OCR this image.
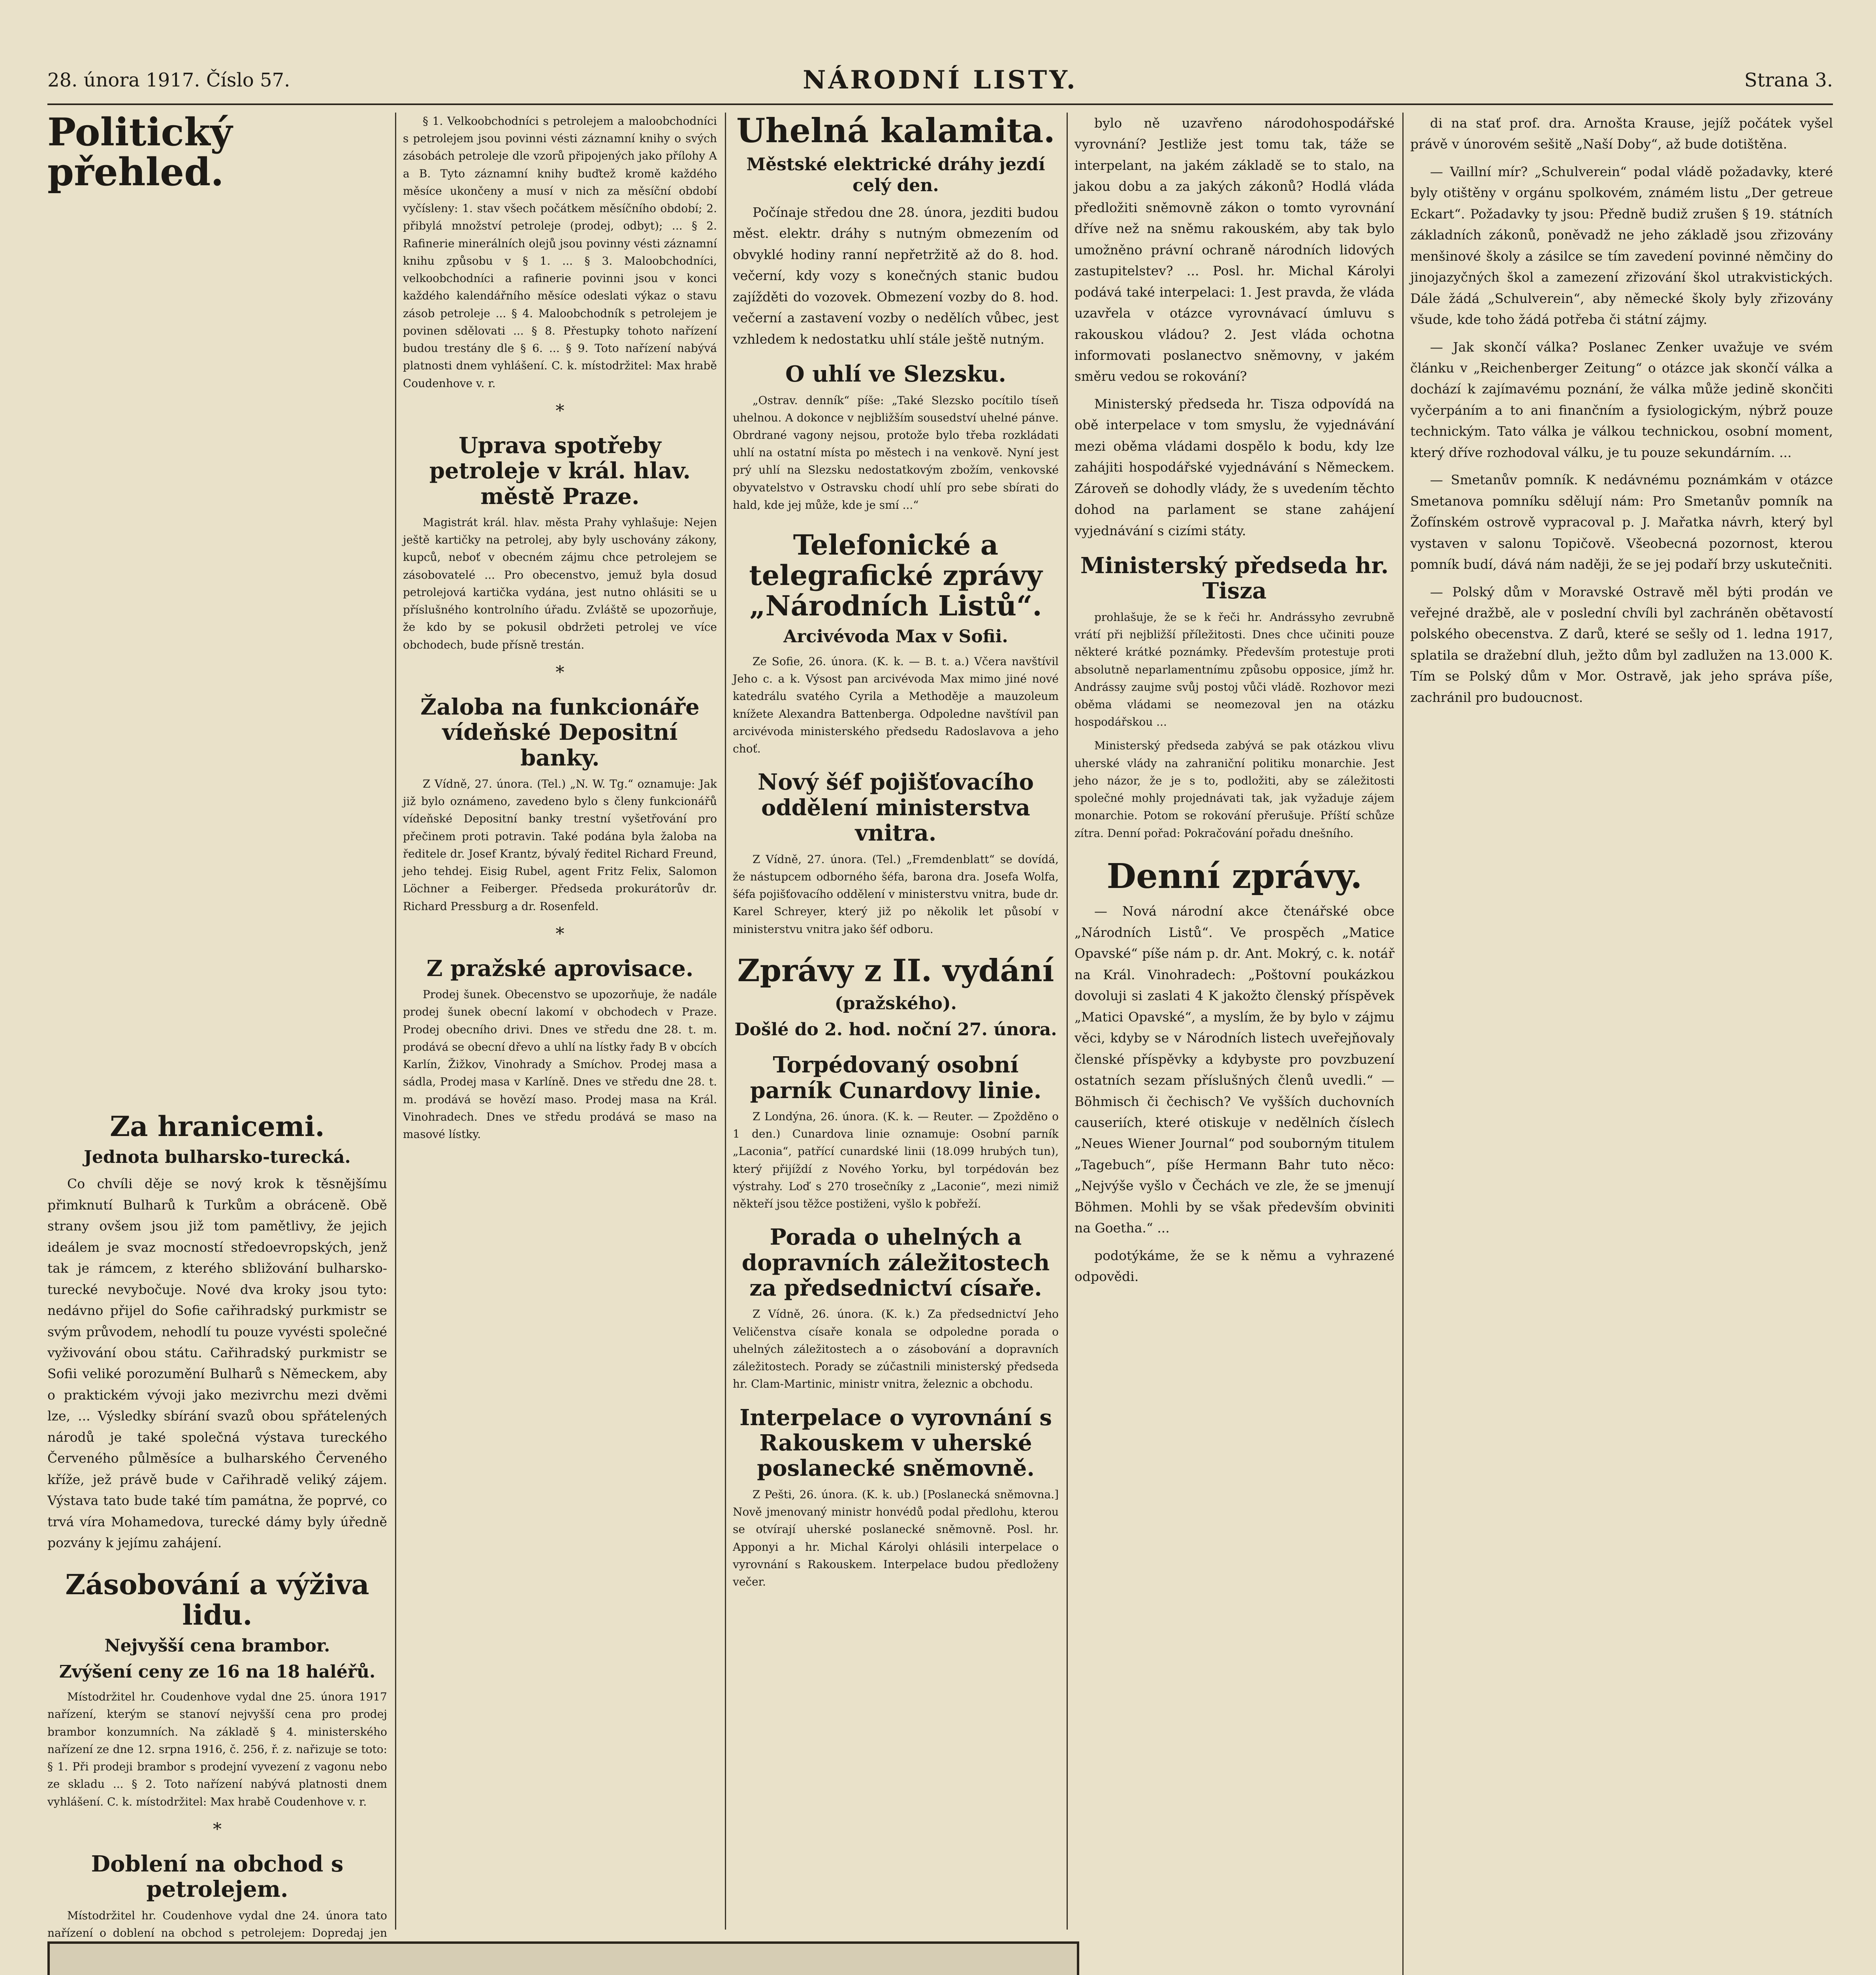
28. února 1917. Číslo 57.	NÁRODNÍ LISTY.	Strana 3.
Politický přehled.
Za hranicemi.
Jednota bulharsko-turecká.

Co chvíli děje se nový krok k těsnějšímu přimknutí Bulharů k Turkům a obráceně. Obě strany ovšem jsou již tom pamětlivy, že jejich ideálem je svaz mocností středoevropských, jenž tak je rámcem, z kterého sbližování bulharsko-turecké nevybočuje. Nové dva kroky jsou tyto: nedávno přijel do Sofie cařihradský purkmistr se svým průvodem, nehodlí tu pouze vyvésti společné vyživování obou státu. Cařihradský purkmistr se Sofii veliké porozumění Bulharů s Německem, aby o praktickém vývoji jako mezivrchu mezi dvěmi lze, ... Výsledky sbírání svazů obou spřátelených národů je také společná výstava tureckého Červeného půlměsíce a bulharského Červeného kříže, jež právě bude v Cařihradě veliký zájem. Výstava tato bude také tím památna, že poprvé, co trvá víra Mohamedova, turecké dámy byly úředně pozvány k jejímu zahájení.

Zásobování a výživa lidu.
Nejvyšší cena brambor.
Zvýšení ceny ze 16 na 18 haléřů.

Místodržitel hr. Coudenhove vydal dne 25. února 1917 nařízení, kterým se stanoví nejvyšší cena pro prodej brambor konzumních. Na základě § 4. ministerského nařízení ze dne 12. srpna 1916, č. 256, ř. z. nařizuje se toto: § 1. Při prodeji brambor s prodejní vyvezení z vagonu nebo ze skladu ... § 2. Toto nařízení nabývá platnosti dnem vyhlášení. C. k. místodržitel: Max hrabě Coudenhove v. r.

*
Doblení na obchod s petrolejem.

Místodržitel hr. Coudenhove vydal dne 24. února tato nařízení o doblení na obchod s petrolejem: Dopredaj jen

§ 1. Velkoobchodníci s petrolejem a maloobchodníci s petrolejem jsou povinni vésti záznamní knihy o svých zásobách petroleje dle vzorů připojených jako přílohy A a B. Tyto záznamní knihy buďtež kromě každého měsíce ukončeny a musí v nich za měsíční období vyčísleny: 1. stav všech počátkem měsíčního období; 2. přibylá množství petroleje (prodej, odbyt); ... § 2. Rafinerie minerálních olejů jsou povinny vésti záznamní knihu způsobu v § 1. ... § 3. Maloobchodníci, velkoobchodníci a rafinerie povinni jsou v konci každého kalendářního měsíce odeslati výkaz o stavu zásob petroleje ... § 4. Maloobchodník s petrolejem je povinen sdělovati ... § 8. Přestupky tohoto nařízení budou trestány dle § 6. ... § 9. Toto nařízení nabývá platnosti dnem vyhlášení. C. k. místodržitel: Max hrabě Coudenhove v. r.

*
Uprava spotřeby petroleje v král. hlav. městě Praze.

Magistrát král. hlav. města Prahy vyhlašuje: Nejen ještě kartičky na petrolej, aby byly uschovány zákony, kupců, neboť v obecném zájmu chce petrolejem se zásobovatelé ... Pro obecenstvo, jemuž byla dosud petrolejová kartička vydána, jest nutno ohlásiti se u příslušného kontrolního úřadu. Zvláště se upozorňuje, že kdo by se pokusil obdržeti petrolej ve více obchodech, bude přísně trestán.

*
Žaloba na funkcionáře vídeňské Depositní banky.

Z Vídně, 27. února. (Tel.) „N. W. Tg.“ oznamuje: Jak již bylo oznámeno, zavedeno bylo s členy funkcionářů vídeňské Depositní banky trestní vyšetřování pro přečinem proti potravin. Také podána byla žaloba na ředitele dr. Josef Krantz, bývalý ředitel Richard Freund, jeho tehdej. Eisig Rubel, agent Fritz Felix, Salomon Löchner a Feiberger. Předseda prokurátorův dr. Richard Pressburg a dr. Rosenfeld.

*
Z pražské aprovisace.

Prodej šunek. Obecenstvo se upozorňuje, že nadále prodej šunek obecní lakomí v obchodech v Praze. Prodej obecního drivi. Dnes ve středu dne 28. t. m. prodává se obecní dřevo a uhlí na lístky řady B v obcích Karlín, Žižkov, Vinohrady a Smíchov. Prodej masa a sádla, Prodej masa v Karlíně. Dnes ve středu dne 28. t. m. prodává se hovězí maso. Prodej masa na Král. Vinohradech. Dnes ve středu prodává se maso na masové lístky.

Uhelná kalamita.
Městské elektrické dráhy jezdí celý den.

Počínaje středou dne 28. února, jezditi budou měst. elektr. dráhy s nutným obmezením od obvyklé hodiny ranní nepřetržitě až do 8. hod. večerní, kdy vozy s konečných stanic budou zajížděti do vozovek. Obmezení vozby do 8. hod. večerní a zastavení vozby o nedělích vůbec, jest vzhledem k nedostatku uhlí stále ještě nutným.

O uhlí ve Slezsku.

„Ostrav. denník“ píše: „Také Slezsko pocítilo tíseň uhelnou. A dokonce v nejbližším sousedství uhelné pánve. Obrdrané vagony nejsou, protože bylo třeba rozkládati uhlí na ostatní místa po městech i na venkově. Nyní jest prý uhlí na Slezsku nedostatkovým zbožím, venkovské obyvatelstvo v Ostravsku chodí uhlí pro sebe sbírati do hald, kde jej může, kde je smí ...“

Telefonické a telegrafické zprávy „Národních Listů“.
Arcivévoda Max v Sofii.

Ze Sofie, 26. února. (K. k. — B. t. a.) Včera navštívil Jeho c. a k. Výsost pan arcivévoda Max mimo jiné nové katedrálu svatého Cyrila a Methoděje a mauzoleum knížete Alexandra Battenberga. Odpoledne navštívil pan arcivévoda ministerského předsedu Radoslavova a jeho choť.

Nový šéf pojišťovacího oddělení ministerstva vnitra.

Z Vídně, 27. února. (Tel.) „Fremdenblatt“ se dovídá, že nástupcem odborného šéfa, barona dra. Josefa Wolfa, šéfa pojišťovacího oddělení v ministerstvu vnitra, bude dr. Karel Schreyer, který již po několik let působí v ministerstvu vnitra jako šéf odboru.

Zprávy z II. vydání
(pražského).
Došlé do 2. hod. noční 27. února.
Torpédovaný osobní parník Cunardovy linie.

Z Londýna, 26. února. (K. k. — Reuter. — Zpožděno o 1 den.) Cunardova linie oznamuje: Osobní parník „Laconia“, patřící cunardské linii (18.099 hrubých tun), který přijíždí z Nového Yorku, byl torpédován bez výstrahy. Loď s 270 trosečníky z „Laconie“, mezi nimiž někteří jsou těžce postiženi, vyšlo k pobřeží.

Porada o uhelných a dopravních záležitostech za předsednictví císaře.

Z Vídně, 26. února. (K. k.) Za předsednictví Jeho Veličenstva císaře konala se odpoledne porada o uhelných záležitostech a o zásobování a dopravních záležitostech. Porady se zúčastnili ministerský předseda hr. Clam-Martinic, ministr vnitra, železnic a obchodu.

Interpelace o vyrovnání s Rakouskem v uherské poslanecké sněmovně.

Z Pešti, 26. února. (K. k. ub.) [Poslanecká sněmovna.] Nově jmenovaný ministr honvédů podal předlohu, kterou se otvírají uherské poslanecké sněmovně. Posl. hr. Apponyi a hr. Michal Károlyi ohlásili interpelace o vyrovnání s Rakouskem. Interpelace budou předloženy večer.

bylo ně uzavřeno národohospodářské vyrovnání? Jestliže jest tomu tak, táže se interpelant, na jakém základě se to stalo, na jakou dobu a za jakých zákonů? Hodlá vláda předložiti sněmovně zákon o tomto vyrovnání dříve než na sněmu rakouském, aby tak bylo umožněno právní ochraně národních lidových zastupitelstev? ... Posl. hr. Michal Károlyi podává také interpelaci: 1. Jest pravda, že vláda uzavřela v otázce vyrovnávací úmluvu s rakouskou vládou? 2. Jest vláda ochotna informovati poslanectvo sněmovny, v jakém směru vedou se rokování?

Ministerský předseda hr. Tisza odpovídá na obě interpelace v tom smyslu, že vyjednávání mezi oběma vládami dospělo k bodu, kdy lze zahájiti hospodářské vyjednávání s Německem. Zároveň se dohodly vlády, že s uvedením těchto dohod na parlament se stane zahájení vyjednávání s cizími státy.

Ministerský předseda hr. Tisza

prohlašuje, že se k řeči hr. Andrássyho zevrubně vrátí při nejbližší příležitosti. Dnes chce učiniti pouze některé krátké poznámky. Především protestuje proti absolutně neparlamentnímu způsobu opposice, jímž hr. Andrássy zaujme svůj postoj vůči vládě. Rozhovor mezi oběma vládami se neomezoval jen na otázku hospodářskou ...

Ministerský předseda zabývá se pak otázkou vlivu uherské vlády na zahraniční politiku monarchie. Jest jeho názor, že je s to, podložiti, aby se záležitosti společné mohly projednávati tak, jak vyžaduje zájem monarchie. Potom se rokování přerušuje. Příští schůze zítra. Denní pořad: Pokračování pořadu dnešního.

Denní zprávy.

— Nová národní akce čtenářské obce „Národních Listů“. Ve prospěch „Matice Opavské“ píše nám p. dr. Ant. Mokrý, c. k. notář na Král. Vinohradech: „Poštovní poukázkou dovoluji si zaslati 4 K jakožto členský příspěvek „Matici Opavské“, a myslím, že by bylo v zájmu věci, kdyby se v Národních listech uveřejňovaly členské příspěvky a kdybyste pro povzbuzení ostatních sezam příslušných členů uvedli.“ — Böhmisch či čechisch? Ve vyšších duchovních causeriích, které otiskuje v nedělních číslech „Neues Wiener Journal“ pod souborným titulem „Tagebuch“, píše Hermann Bahr tuto něco: „Nejvýše vyšlo v Čechách ve zle, že se jmenují Böhmen. Mohli by se však především obviniti na Goetha.“ ...

podotýkáme, že se k němu a vyhrazené odpovědi.

di na stať prof. dra. Arnošta Krause, jejíž počátek vyšel právě v únorovém sešitě „Naší Doby“, až bude dotištěna.

— Vaillní mír? „Schulverein“ podal vládě požadavky, které byly otištěny v orgánu spolkovém, známém listu „Der getreue Eckart“. Požadavky ty jsou: Předně budiž zrušen § 19. státních základních zákonů, poněvadž ne jeho základě jsou zřizovány menšinové školy a zásilce se tím zavedení povinné němčiny do jinojazyčných škol a zamezení zřizování škol utrakvistických. Dále žádá „Schulverein“, aby německé školy byly zřizovány všude, kde toho žádá potřeba či státní zájmy.

— Jak skončí válka? Poslanec Zenker uvažuje ve svém článku v „Reichenberger Zeitung“ o otázce jak skončí válka a dochází k zajímavému poznání, že válka může jedině skončiti vyčerpáním a to ani finančním a fysiologickým, nýbrž pouze technickým. Tato válka je válkou technickou, osobní moment, který dříve rozhodoval válku, je tu pouze sekundárním. ...

— Smetanův pomník. K nedávnému poznámkám v otázce Smetanova pomníku sdělují nám: Pro Smetanův pomník na Žofínském ostrově vypracoval p. J. Mařatka návrh, který byl vystaven v salonu Topičově. Všeobecná pozornost, kterou pomník budí, dává nám naději, že se jej podaří brzy uskutečniti.

— Polský dům v Moravské Ostravě měl býti prodán ve veřejné dražbě, ale v poslední chvíli byl zachráněn obětavostí polského obecenstva. Z darů, které se sešly od 1. ledna 1917, splatila se dražební dluh, ježto dům byl zadlužen na 13.000 K. Tím se Polský dům v Mor. Ostravě, jak jeho správa píše, zachránil pro budoucnost.
